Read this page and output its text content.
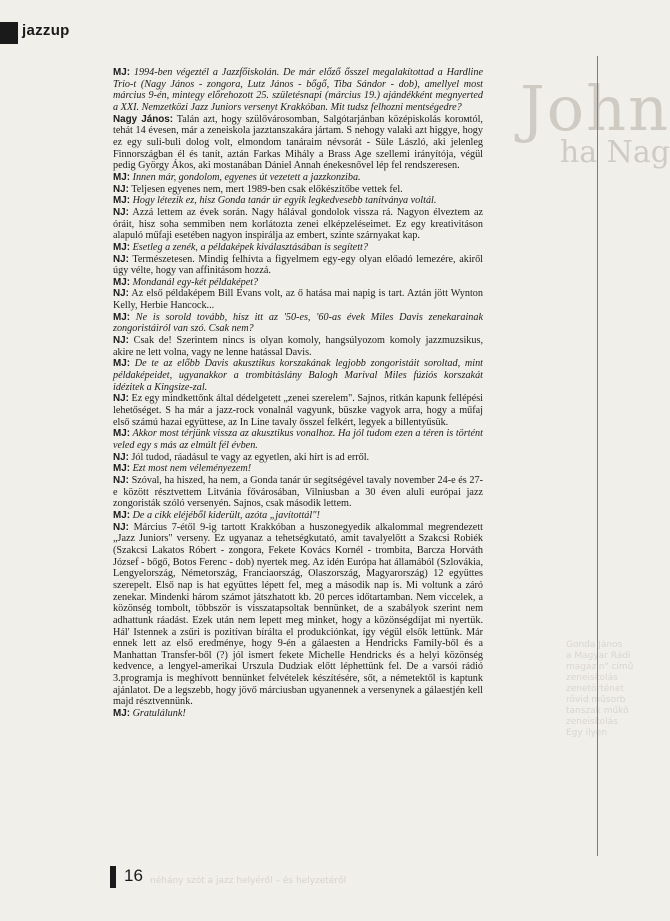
jazzup
John
ha Nag
Gonda János
a Magyar Rádi
magazin" című
zeneiskolás
zenetörténet
rövid műsorb
tanszak műkö
zeneiskolás
Egy ilyen
néhány szót a jazz helyéről – és helyzetéről

MJ: 1994-ben végeztél a Jazzfőiskolán. De már előző ősszel megalakítottad a Hardline Trio-t (Nagy János - zongora, Lutz János - bőgő, Tiba Sándor - dob), amellyel most március 9-én, mintegy előrehozott 25. születésnapi (március 19.) ajándékként megnyerted a XXI. Nemzetközi Jazz Juniors versenyt Krakkóban. Mit tudsz felhozni mentségedre?

Nagy János: Talán azt, hogy szülővárosomban, Salgótarjánban középiskolás korомtól, tehát 14 évesen, már a zeneiskola jazztanszakára jártam. S nehogy valaki azt higgye, hogy ez egy suli-buli dolog volt, elmondom tanáraim névsorát - Süle László, aki jelenleg Finnországban él és tanít, aztán Farkas Mihály a Brass Age szellemi irányítója, végül pedig György Ákos, aki mostanában Dániel Annah énekesnővel lép fel rendszeresen.

MJ: Innen már, gondolom, egyenes út vezetett a jazzkonziba.

NJ: Teljesen egyenes nem, mert 1989-ben csak előkészítőbe vettek fel.

MJ: Hogy létezik ez, hisz Gonda tanár úr egyik legkedvesebb tanítványa voltál.

NJ: Azzá lettem az évek során. Nagy hálával gondolok vissza rá. Nagyon élveztem az óráit, hisz soha semmiben nem korlátozta zenei elképzeléseimet. Ez egy kreativitáson alapuló műfaji esetében nagyon inspirálja az embert, szinte szárnyakat kap.

MJ: Esetleg a zenék, a példaképek kiválasztásában is segített?

NJ: Természetesen. Mindig felhívta a figyelmem egy-egy olyan előadó lemezére, akiről úgy vélte, hogy van affinitásom hozzá.

MJ: Mondanál egy-két példaképet?

NJ: Az első példaképem Bill Evans volt, az ő hatása mai napig is tart. Aztán jött Wynton Kelly, Herbie Hancock...

MJ: Ne is sorold tovább, hisz itt az '50-es, '60-as évek Miles Davis zenekarainak zongoristáiról van szó. Csak nem?

NJ: Csak de! Szerintem nincs is olyan komoly, hangsúlyozom komoly jazzmuzsikus, akire ne lett volna, vagy ne lenne hatással Davis.

MJ: De te az előbb Davis akusztikus korszakának legjobb zongoristáit soroltad, mint példaképeidet, ugyanakkor a trombitáslány Balogh Marival Miles fúziós korszakát idézitek a Kingsize-zal.

NJ: Ez egy mindkettőnk által dédelgetett „zenei szerelem". Sajnos, ritkán kapunk fellépési lehetőséget. S ha már a jazz-rock vonalnál vagyunk, büszke vagyok arra, hogy a műfaj első számú hazai együttese, az In Line tavaly ősszel felkért, legyek a billentyűsük.

MJ: Akkor most térjünk vissza az akusztikus vonalhoz. Ha jól tudom ezen a téren is történt veled egy s más az elmúlt fél évben.

NJ: Jól tudod, ráadásul te vagy az egyetlen, aki hírt is ad erről.

MJ: Ezt most nem véleményezem!

NJ: Szóval, ha hiszed, ha nem, a Gonda tanár úr segítségével tavaly november 24-e és 27-e között résztvettem Litvánia fővárosában, Vilniusban a 30 éven aluli európai jazz zongoristák szóló versenyén. Sajnos, csak második lettem.

MJ: De a cikk eléjéből kiderült, azóta „javítottál"!

NJ: Március 7-étől 9-ig tartott Krakkóban a huszonegyedik alkalommal megrendezett „Jazz Juniors" verseny. Ez ugyanaz a tehetségkutató, amit tavalyelőtt a Szakcsi Robiék (Szakcsi Lakatos Róbert - zongora, Fekete Kovács Kornél - trombita, Barcza Horváth József - bőgő, Botos Ferenc - dob) nyertek meg. Az idén Európa hat államából (Szlovákia, Lengyelország, Németország, Franciaország, Olaszország, Magyarország) 12 együttes szerepelt. Első nap is hat együttes lépett fel, meg a második nap is. Mi voltunk a záró zenekar. Mindenki három számot játszhatott kb. 20 perces időtartamban. Nem viccelek, a közönség tombolt, többször is visszatapsoltak bennünket, de a szabályok szerint nem adhattunk ráadást. Ezek után nem lepett meg minket, hogy a közönségdíjat mi nyertük. Hál' Istennek a zsűri is pozitívan bírálta el produkciónkat, így végül elsők lettünk. Már ennek lett az első eredménye, hogy 9-én a gálaesten a Hendricks Family-ből és a Manhattan Transfer-ből (?) jól ismert fekete Michelle Hendricks és a helyi közönség kedvence, a lengyel-amerikai Urszula Dudziak előtt léphettünk fel. De a varsói rádió 3.programja is meghívott bennünket felvételek készítésére, sőt, a németektől is kaptunk ajánlatot. De a legszebb, hogy jövő márciusban ugyanennek a versenynek a gálaestjén kell majd résztvennünk.

MJ: Gratulálunk!

16
